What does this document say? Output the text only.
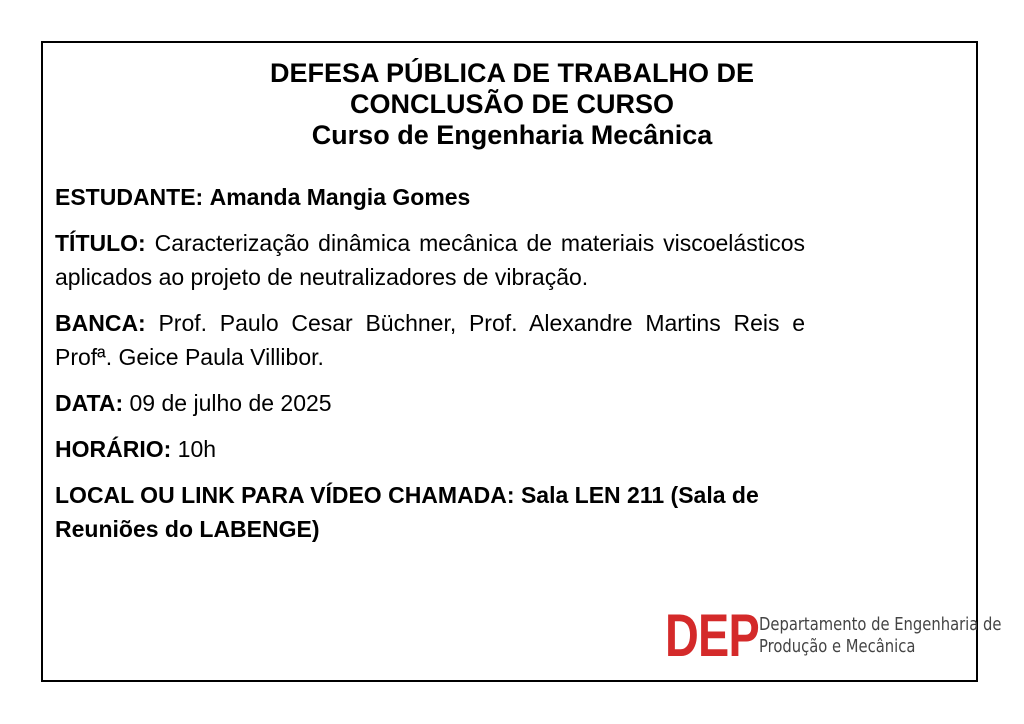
DEFESA PÚBLICA DE TRABALHO DE
CONCLUSÃO DE CURSO
Curso de Engenharia Mecânica
ESTUDANTE: Amanda Mangia Gomes
TÍTULO: Caracterização dinâmica mecânica de materiais viscoelásticos aplicados ao projeto de neutralizadores de vibração.
BANCA: Prof. Paulo Cesar Büchner, Prof. Alexandre Martins Reis e Profª. Geice Paula Villibor.
DATA: 09 de julho de 2025
HORÁRIO: 10h
LOCAL OU LINK PARA VÍDEO CHAMADA: Sala LEN 211 (Sala de Reuniões do LABENGE)
DEP Departamento de Engenharia de
Produção e Mecânica
